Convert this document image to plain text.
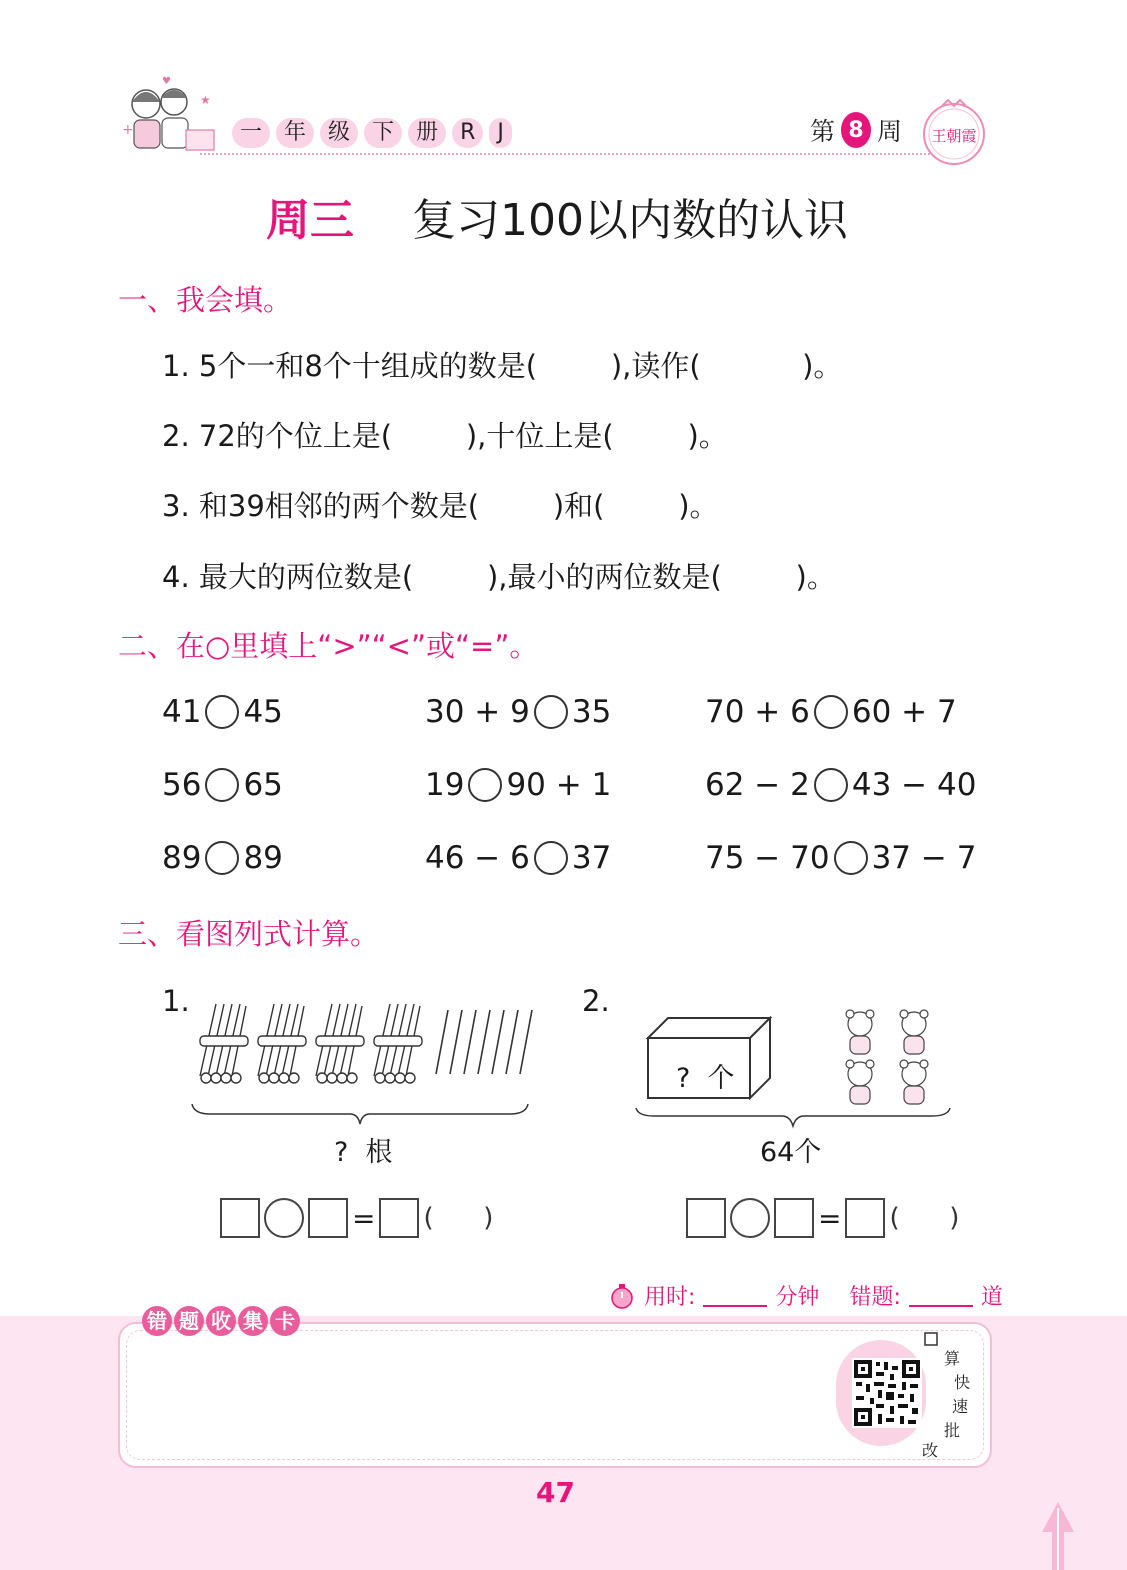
+
★
♥
一	年	级	下	册	R	J	第 8 周 王朝霞
周三 复习100以内数的认识
一、我会填。
1. 5个一和8个十组成的数是(        ),读作(           )。
2. 72的个位上是(        ),十位上是(        )。
3. 和39相邻的两个数是(        )和(        )。
4. 最大的两位数是(        ),最小的两位数是(        )。
二、在○里填上“>”“<”或“=”。
41 45	30 + 9 35	70 + 6 60 + 7
56 65	19 90 + 1	62 − 2 43 − 40
89 89	46 − 6 37	75 − 70 37 − 7
三、看图列式计算。
1.
?  根
= (      )
2.
?  个
64个
= (      )
用时:	分钟 错题:	道
错 题 收 集 卡
算
快
速
批
改
47
